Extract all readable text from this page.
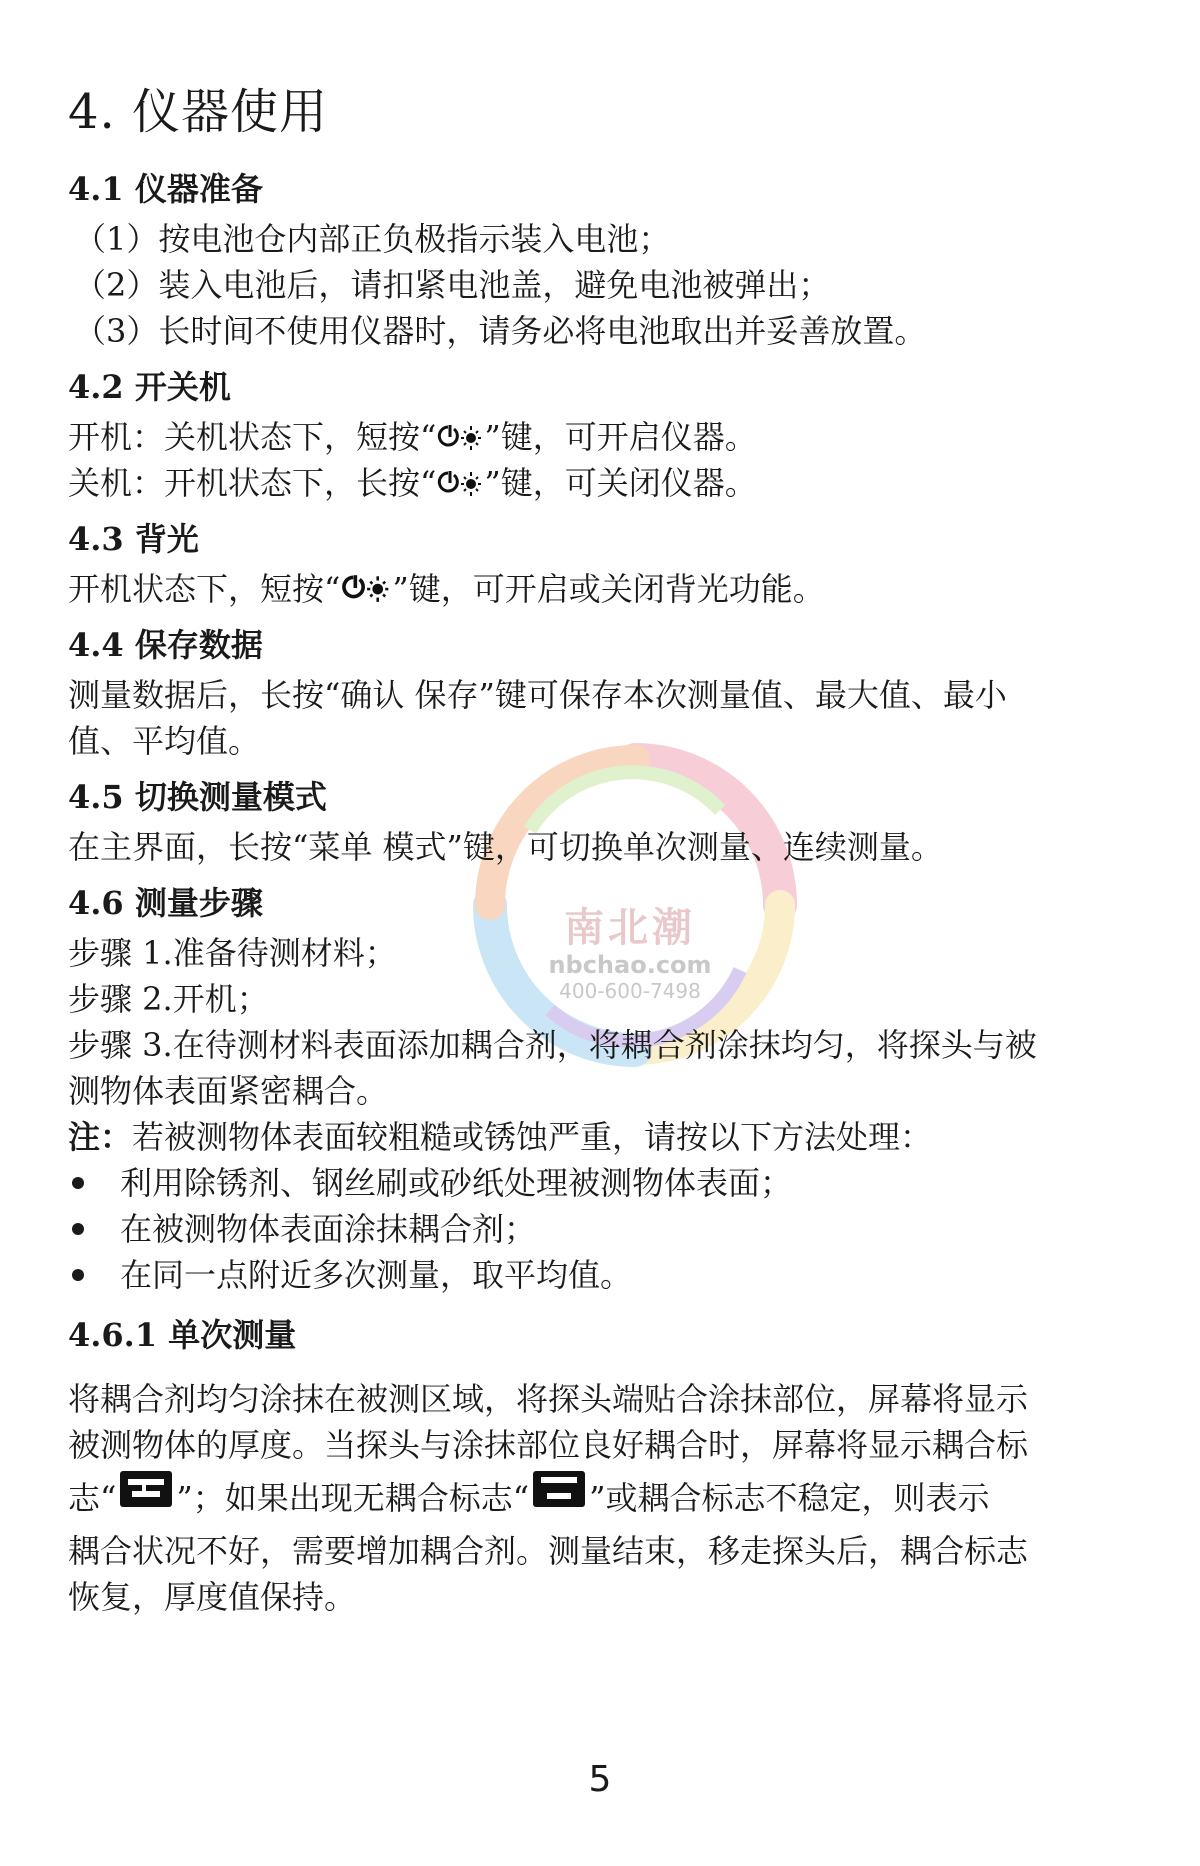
南北潮
nbchao.com
400-600-7498
4. 仪器使用
4.1 仪器准备

（1）按电池仓内部正负极指示装入电池；

（2）装入电池后，请扣紧电池盖，避免电池被弹出；

（3）长时间不使用仪器时，请务必将电池取出并妥善放置。

4.2 开关机

开机：关机状态下，短按“ ”键，可开启仪器。

关机：开机状态下，长按“ ”键，可关闭仪器。

4.3 背光

开机状态下，短按“ ”键，可开启或关闭背光功能。

4.4 保存数据

测量数据后，长按“确认 保存”键可保存本次测量值、最大值、最小

值、平均值。

4.5 切换测量模式

在主界面，长按“菜单 模式”键，可切换单次测量、连续测量。

4.6 测量步骤

步骤 1.准备待测材料；

步骤 2.开机；

步骤 3.在待测材料表面添加耦合剂，将耦合剂涂抹均匀，将探头与被

测物体表面紧密耦合。

注：若被测物体表面较粗糙或锈蚀严重，请按以下方法处理：

利用除锈剂、钢丝刷或砂纸处理被测物体表面；
在被测物体表面涂抹耦合剂；
在同一点附近多次测量，取平均值。
4.6.1 单次测量

将耦合剂均匀涂抹在被测区域，将探头端贴合涂抹部位，屏幕将显示

被测物体的厚度。当探头与涂抹部位良好耦合时，屏幕将显示耦合标

志“ ”；如果出现无耦合标志“ ”或耦合标志不稳定，则表示

耦合状况不好，需要增加耦合剂。测量结束，移走探头后，耦合标志

恢复，厚度值保持。

5
